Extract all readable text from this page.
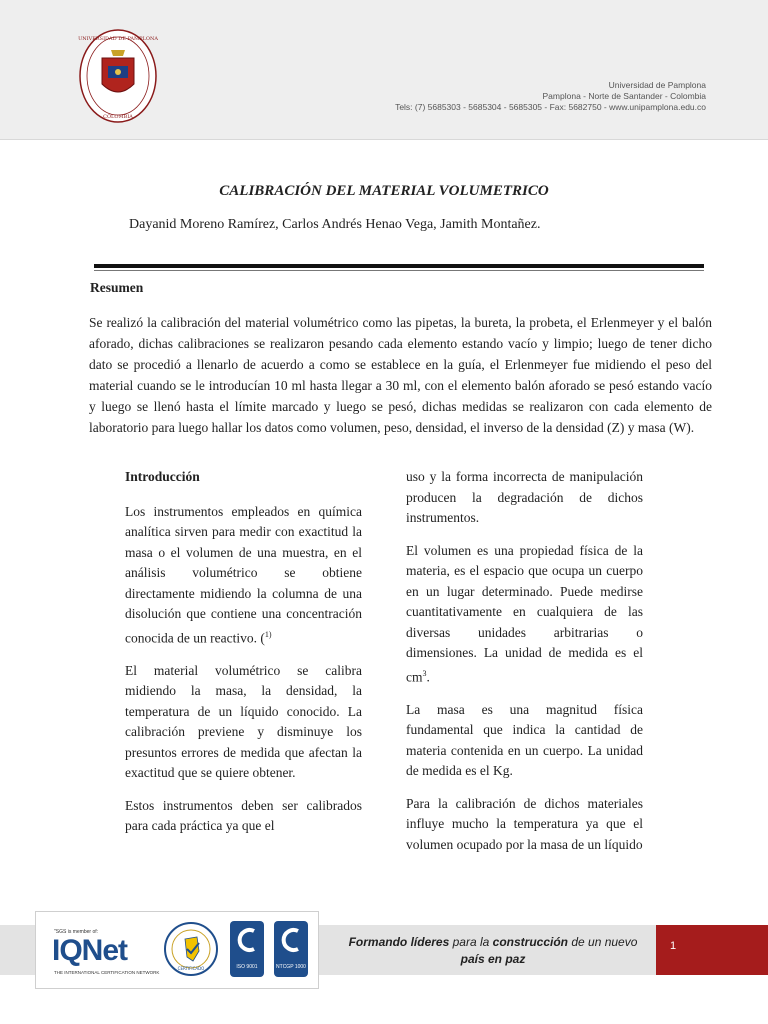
UNIVERSIDAD DE PAMPLONA
COLOMBIA
Universidad de Pamplona
Pamplona - Norte de Santander - Colombia
Tels: (7) 5685303 - 5685304 - 5685305 - Fax: 5682750 - www.unipamplona.edu.co
CALIBRACIÓN DEL MATERIAL VOLUMETRICO
Dayanid Moreno Ramírez, Carlos Andrés Henao Vega, Jamith Montañez.
Resumen
Se realizó la calibración del material volumétrico como las pipetas, la bureta, la probeta, el Erlenmeyer y el balón aforado, dichas calibraciones se realizaron pesando cada elemento estando vacío y limpio; luego de tener dicho dato se procedió a llenarlo de acuerdo a como se establece en la guía, el Erlenmeyer fue midiendo el peso del material cuando se le introducían 10 ml hasta llegar a 30 ml, con el elemento balón aforado se pesó estando vacío y luego se llenó hasta el límite marcado y luego se pesó, dichas medidas se realizaron con cada elemento de laboratorio para luego hallar los datos como volumen, peso, densidad, el inverso de la densidad (Z) y masa (W).

Introducción

Los instrumentos empleados en química analítica sirven para medir con exactitud la masa o el volumen de una muestra, en el análisis volumétrico se obtiene directamente midiendo la columna de una disolución que contiene una concentración conocida de un reactivo. ($^{1)}$

El material volumétrico se calibra midiendo la masa, la densidad, la temperatura de un líquido conocido. La calibración previene y disminuye los presuntos errores de medida que afectan la exactitud que se quiere obtener.

Estos instrumentos deben ser calibrados para cada práctica ya que el

uso y la forma incorrecta de manipulación producen la degradación de dichos instrumentos.

El volumen es una propiedad física de la materia, es el espacio que ocupa un cuerpo en un lugar determinado. Puede medirse cuantitativamente en cualquiera de las diversas unidades arbitrarias o dimensiones. La unidad de medida es el $cm^3$.

La masa es una magnitud física fundamental que indica la cantidad de materia contenida en un cuerpo. La unidad de medida es el Kg.

Para la calibración de dichos materiales influye mucho la temperatura ya que el volumen ocupado por la masa de un líquido

1
Formando líderes para la construcción de un nuevo
país en paz
"SGS is member of:
IQNet
THE INTERNATIONAL CERTIFICATION NETWORK
CERTIFICADO	ISO 9001	NTCGP 1000
